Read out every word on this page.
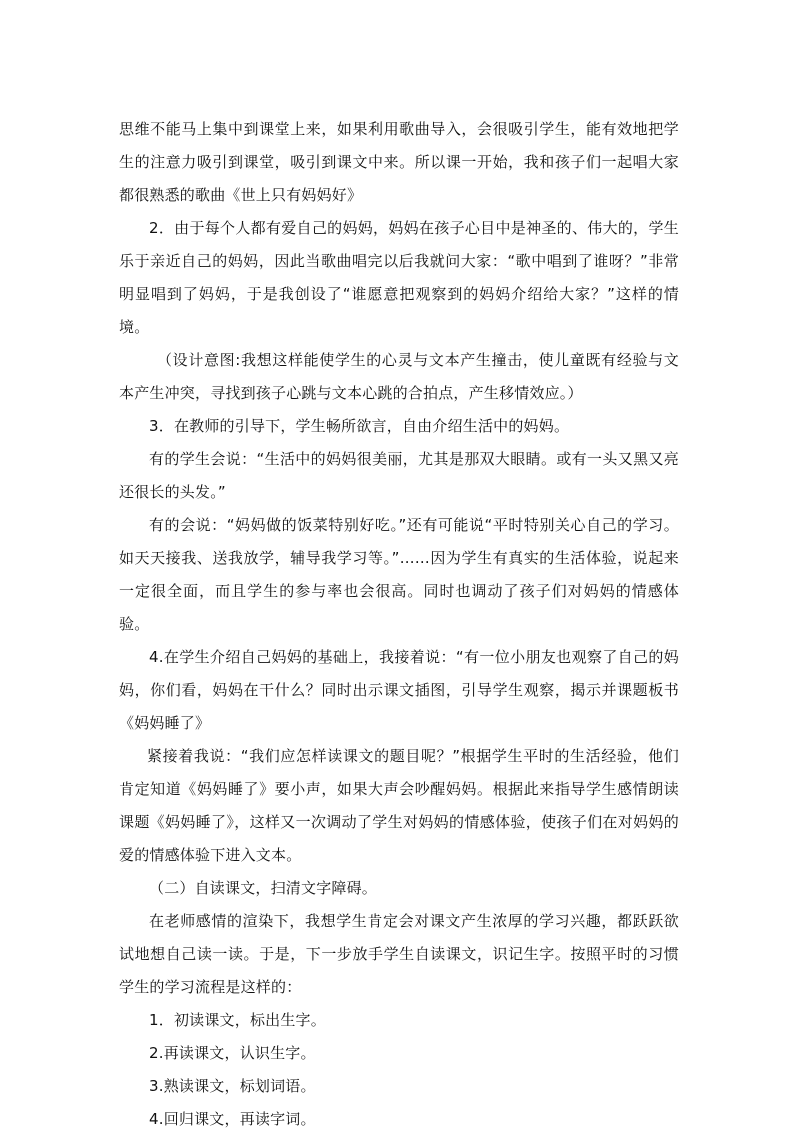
思维不能马上集中到课堂上来，如果利用歌曲导入，会很吸引学生，能有效地把学生的注意力吸引到课堂，吸引到课文中来。所以课一开始，我和孩子们一起唱大家都很熟悉的歌曲《世上只有妈妈好》

2．由于每个人都有爱自己的妈妈，妈妈在孩子心目中是神圣的、伟大的，学生乐于亲近自己的妈妈，因此当歌曲唱完以后我就问大家：“歌中唱到了谁呀？”非常明显唱到了妈妈，于是我创设了“谁愿意把观察到的妈妈介绍给大家？”这样的情境。

（设计意图:我想这样能使学生的心灵与文本产生撞击，使儿童既有经验与文本产生冲突，寻找到孩子心跳与文本心跳的合拍点，产生移情效应。）

3．在教师的引导下，学生畅所欲言，自由介绍生活中的妈妈。

有的学生会说：“生活中的妈妈很美丽，尤其是那双大眼睛。或有一头又黑又亮还很长的头发。”

有的会说：“妈妈做的饭菜特别好吃。”还有可能说“平时特别关心自己的学习。如天天接我、送我放学，辅导我学习等。”……因为学生有真实的生活体验，说起来一定很全面，而且学生的参与率也会很高。同时也调动了孩子们对妈妈的情感体验。

4.在学生介绍自己妈妈的基础上，我接着说：“有一位小朋友也观察了自己的妈妈，你们看，妈妈在干什么？同时出示课文插图，引导学生观察，揭示并课题板书《妈妈睡了》

紧接着我说：“我们应怎样读课文的题目呢？”根据学生平时的生活经验，他们肯定知道《妈妈睡了》要小声，如果大声会吵醒妈妈。根据此来指导学生感情朗读课题《妈妈睡了》，这样又一次调动了学生对妈妈的情感体验，使孩子们在对妈妈的爱的情感体验下进入文本。

（二）自读课文，扫清文字障碍。

在老师感情的渲染下，我想学生肯定会对课文产生浓厚的学习兴趣，都跃跃欲试地想自己读一读。于是，下一步放手学生自读课文，识记生字。按照平时的习惯学生的学习流程是这样的：

1．初读课文，标出生字。

2.再读课文，认识生字。

3.熟读课文，标划词语。

4.回归课文，再读字词。
